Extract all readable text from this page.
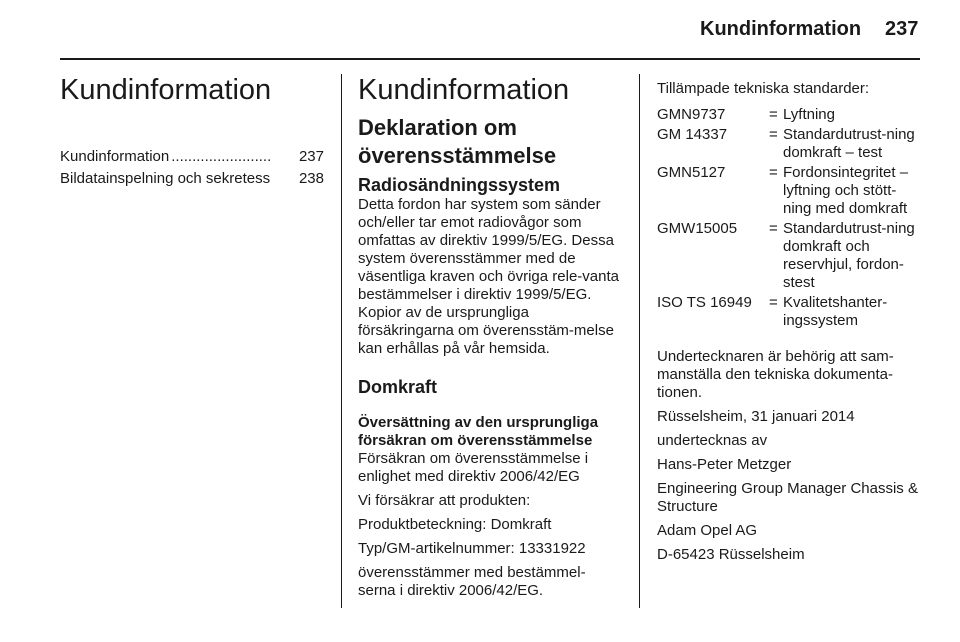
Kundinformation 237
Kundinformation
Kundinformation ........................	237
Bildatainspelning och sekretess 238
Kundinformation
Deklaration om överensstämmelse
Radiosändningssystem

Detta fordon har system som sänder och/eller tar emot radiovågor som omfattas av direktiv 1999/5/EG. Dessa system överensstämmer med de väsentliga kraven och övriga rele-vanta bestämmelser i direktiv 1999/5/EG. Kopior av de ursprungliga försäkringarna om överensstäm-melse kan erhållas på vår hemsida.

Domkraft
Översättning av den ursprungliga försäkran om överensstämmelse

Försäkran om överensstämmelse i enlighet med direktiv 2006/42/EG

Vi försäkrar att produkten:

Produktbeteckning: Domkraft

Typ/GM-artikelnummer: 13331922

överensstämmer med bestämmel-serna i direktiv 2006/42/EG.

Tillämpade tekniska standarder:

GMN9737	= Lyftning
GM 14337	= Standardutrust-ning domkraft – test
GMN5127	= Fordonsintegritet – lyftning och stött-ning med domkraft
GMW15005	= Standardutrust-ning domkraft och reservhjul, fordon-stest
ISO TS 16949	= Kvalitetshanter-ingssystem

Undertecknaren är behörig att sam-manställa den tekniska dokumenta-tionen.

Rüsselsheim, 31 januari 2014

undertecknas av

Hans-Peter Metzger

Engineering Group Manager Chassis & Structure

Adam Opel AG

D-65423 Rüsselsheim
